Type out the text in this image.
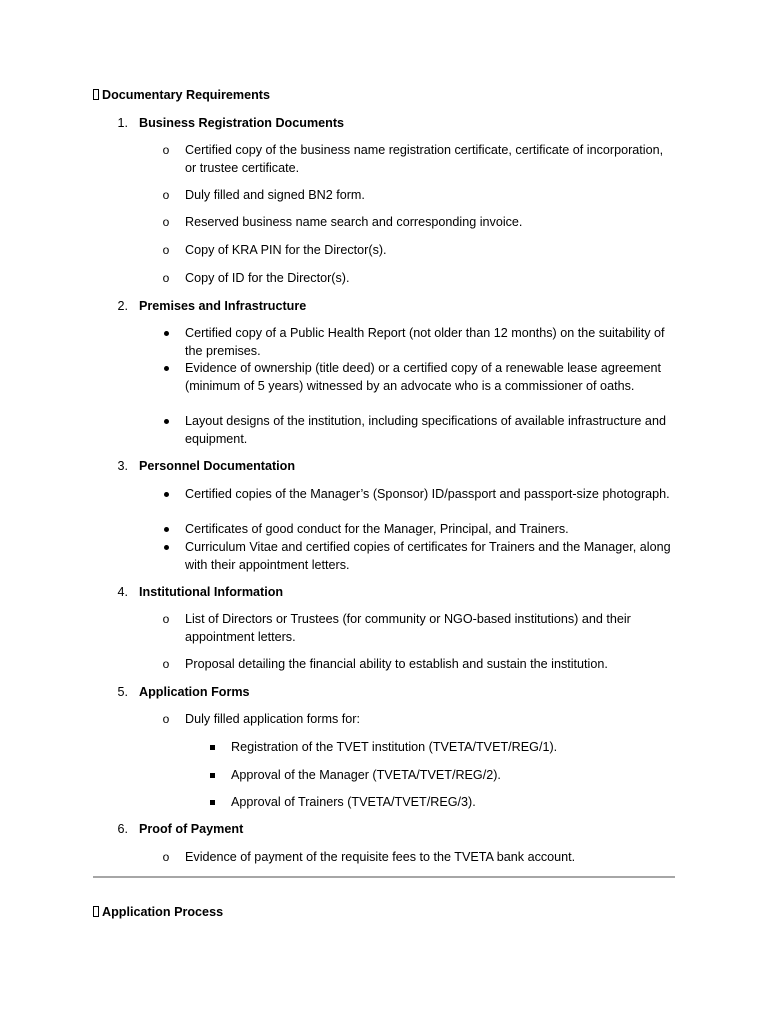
Documentary Requirements
1. Business Registration Documents
o Certified copy of the business name registration certificate, certificate of incorporation, or trustee certificate.
o Duly filled and signed BN2 form.
o Reserved business name search and corresponding invoice.
o Copy of KRA PIN for the Director(s).
o Copy of ID for the Director(s).
2. Premises and Infrastructure
Certified copy of a Public Health Report (not older than 12 months) on the suitability of the premises.
Evidence of ownership (title deed) or a certified copy of a renewable lease agreement (minimum of 5 years) witnessed by an advocate who is a commissioner of oaths.
Layout designs of the institution, including specifications of available infrastructure and equipment.
3. Personnel Documentation
Certified copies of the Manager’s (Sponsor) ID/passport and passport-size photograph.
Certificates of good conduct for the Manager, Principal, and Trainers.
Curriculum Vitae and certified copies of certificates for Trainers and the Manager, along with their appointment letters.
4. Institutional Information
o List of Directors or Trustees (for community or NGO-based institutions) and their appointment letters.
o Proposal detailing the financial ability to establish and sustain the institution.
5. Application Forms
o Duly filled application forms for:
Registration of the TVET institution (TVETA/TVET/REG/1).
Approval of the Manager (TVETA/TVET/REG/2).
Approval of Trainers (TVETA/TVET/REG/3).
6. Proof of Payment
o Evidence of payment of the requisite fees to the TVETA bank account.
Application Process
